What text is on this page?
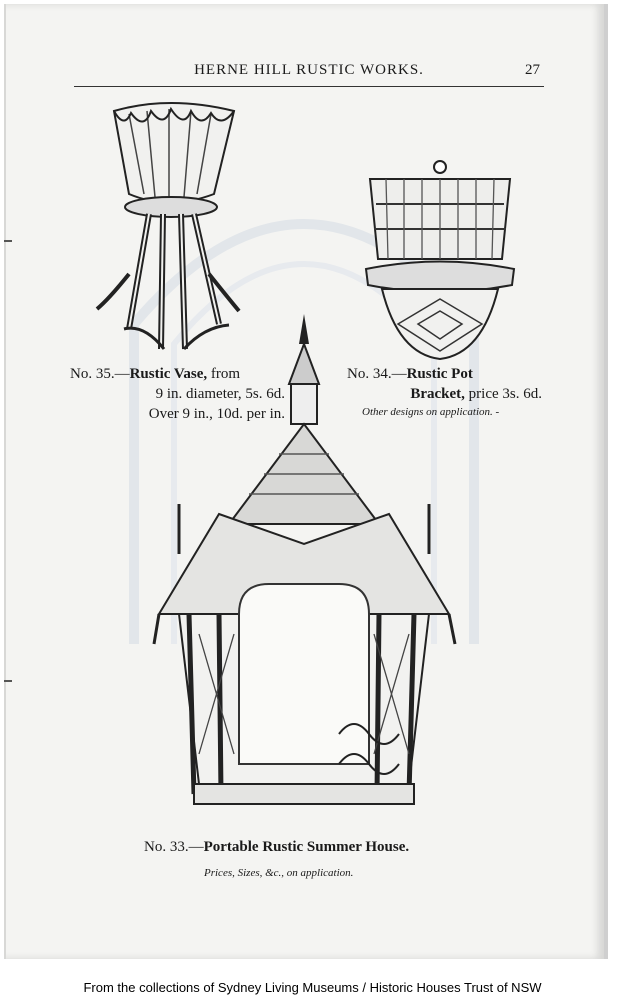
HERNE HILL RUSTIC WORKS.	27
No. 35.—Rustic Vase, from
9 in. diameter, 5s. 6d.
Over 9 in., 10d. per in.
No. 34.—Rustic Pot
Bracket, price 3s. 6d.
Other designs on application. -
No. 33.—Portable Rustic Summer House.
Prices, Sizes, &c., on application.
From the collections of Sydney Living Museums / Historic Houses Trust of NSW
